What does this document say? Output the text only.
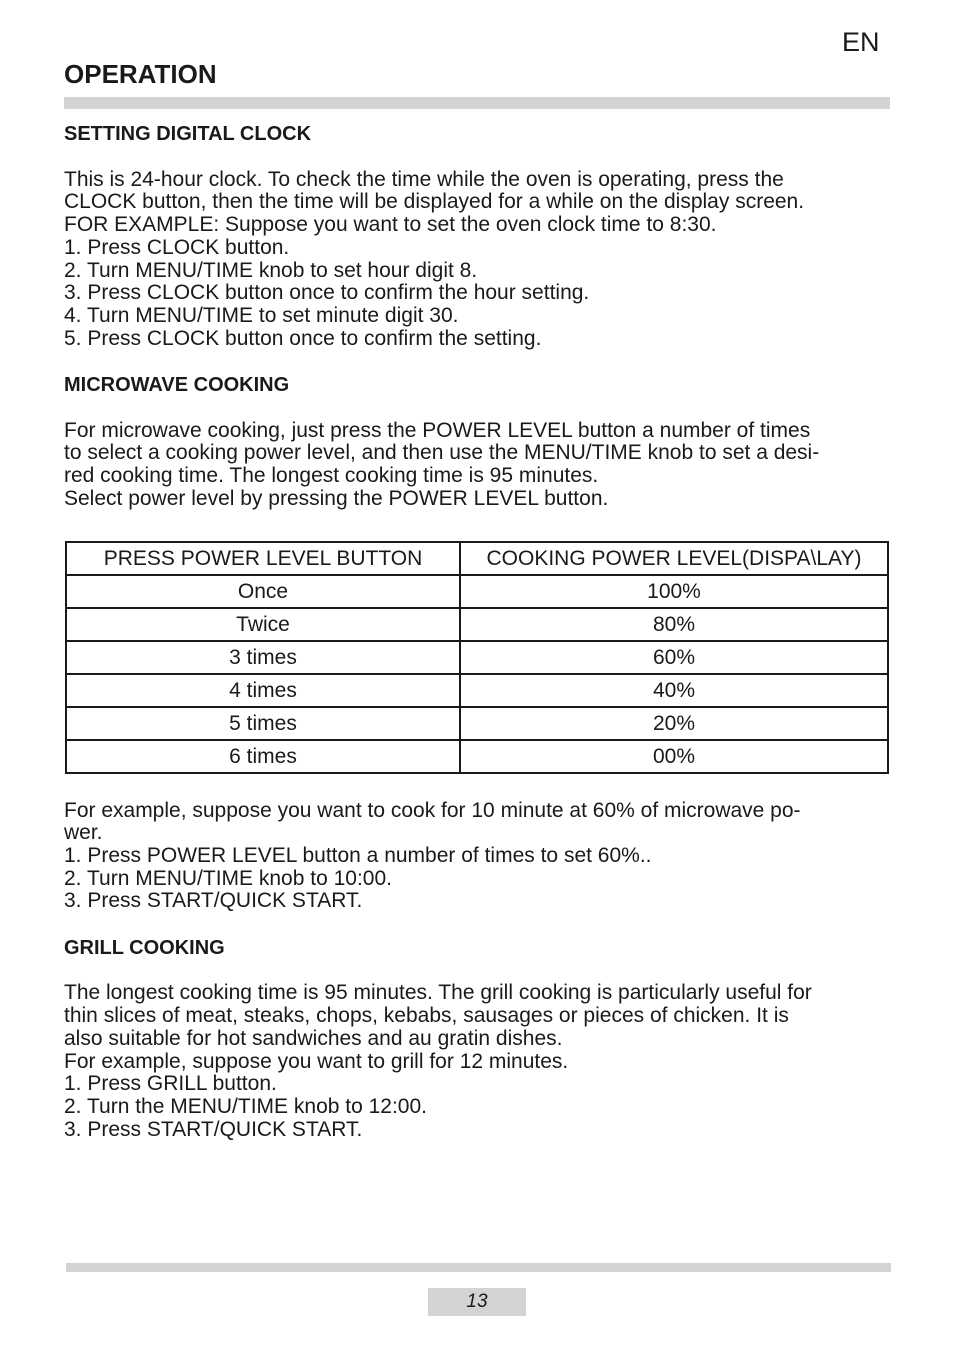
EN
OPERATION
SETTING DIGITAL CLOCK
This is 24-hour clock. To check the time while the oven is operating, press the
CLOCK button, then the time will be displayed for a while on the display screen.
FOR EXAMPLE: Suppose you want to set the oven clock time to 8:30.
1. Press CLOCK button.
2. Turn MENU/TIME knob to set hour digit 8.
3. Press CLOCK button once to confirm the hour setting.
4. Turn MENU/TIME to set minute digit 30.
5. Press CLOCK button once to confirm the setting.
MICROWAVE COOKING
For microwave cooking, just press the POWER LEVEL button a number of times
to select a cooking power level, and then use the MENU/TIME knob to set a desi-
red cooking time. The longest cooking time is 95 minutes.
Select power level by pressing the POWER LEVEL button.
PRESS POWER LEVEL BUTTON	COOKING POWER LEVEL(DISPA\LAY)
Once	100%
Twice	80%
3 times	60%
4 times	40%
5 times	20%
6 times	00%
For example, suppose you want to cook for 10 minute at 60% of microwave po-
wer.
1. Press POWER LEVEL button a number of times to set 60%..
2. Turn MENU/TIME knob to 10:00.
3. Press START/QUICK START.
GRILL COOKING
The longest cooking time is 95 minutes. The grill cooking is particularly useful for
thin slices of meat, steaks, chops, kebabs, sausages or pieces of chicken. It is
also suitable for hot sandwiches and au gratin dishes.
For example, suppose you want to grill for 12 minutes.
1. Press GRILL button.
2. Turn the MENU/TIME knob to 12:00.
3. Press START/QUICK START.
13
